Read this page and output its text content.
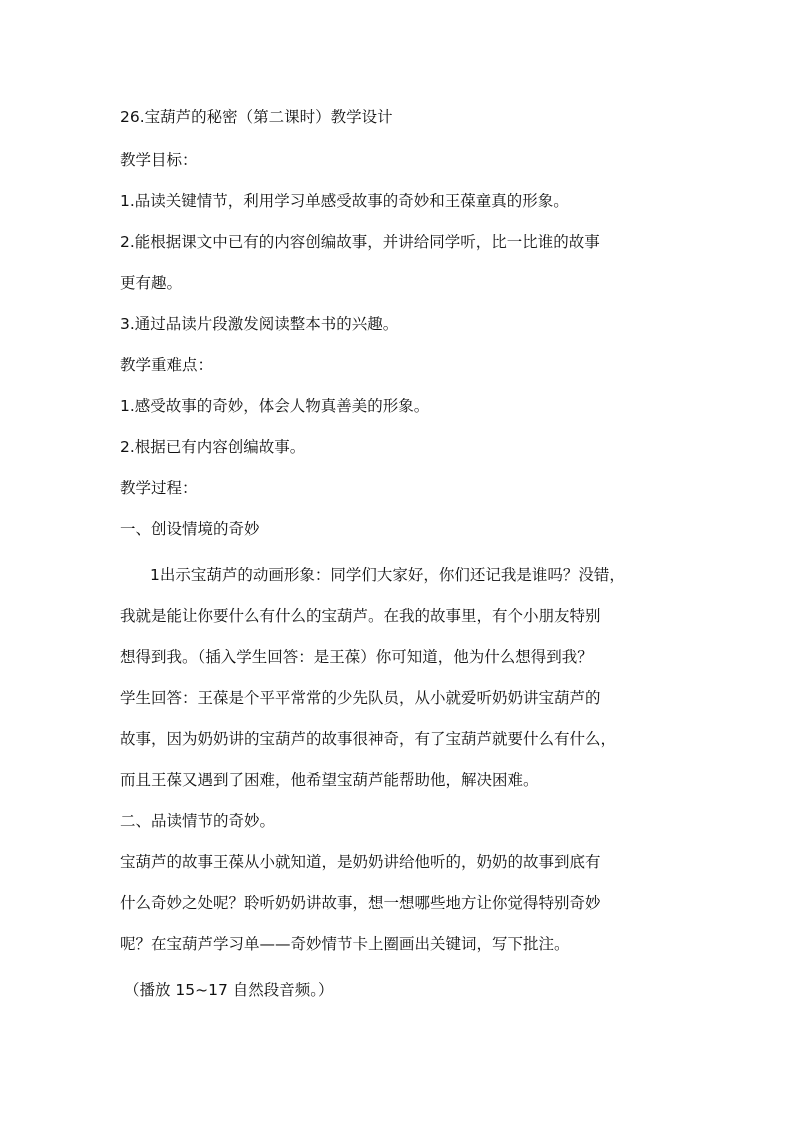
26.宝葫芦的秘密（第二课时）教学设计
教学目标：
1.品读关键情节，利用学习单感受故事的奇妙和王葆童真的形象。
2.能根据课文中已有的内容创编故事，并讲给同学听，比一比谁的故事
更有趣。
3.通过品读片段激发阅读整本书的兴趣。
教学重难点：
1.感受故事的奇妙，体会人物真善美的形象。
2.根据已有内容创编故事。
教学过程：
一、创设情境的奇妙
1出示宝葫芦的动画形象：同学们大家好，你们还记我是谁吗？没错，
我就是能让你要什么有什么的宝葫芦。在我的故事里，有个小朋友特别
想得到我。（插入学生回答：是王葆）你可知道，他为什么想得到我？
学生回答：王葆是个平平常常的少先队员，从小就爱听奶奶讲宝葫芦的
故事，因为奶奶讲的宝葫芦的故事很神奇，有了宝葫芦就要什么有什么，
而且王葆又遇到了困难，他希望宝葫芦能帮助他，解决困难。
二、品读情节的奇妙。
宝葫芦的故事王葆从小就知道，是奶奶讲给他听的，奶奶的故事到底有
什么奇妙之处呢？聆听奶奶讲故事，想一想哪些地方让你觉得特别奇妙
呢？在宝葫芦学习单——奇妙情节卡上圈画出关键词，写下批注。
（播放 15~17 自然段音频。）
